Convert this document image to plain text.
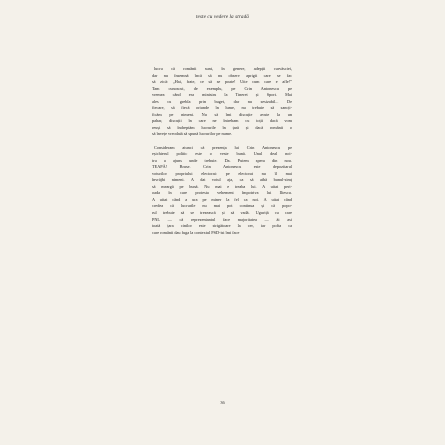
teste cu vedere la stradă
lucru că românii sunt, în genere, adepții curvăsciei,
dar nu însemnă încă să nu observ aprigii care se fac
să zică: „Hai, frate, ce să se poate! Uite cum care e afle!”
Tam cunoscut, de exemplu, pe Crin Antonescu pe
vremea când era ministru la Tineret și Sport. Mai
ales cu grebla prin buget, dar nu sesizabil... De
fiecare, să fiecă oriunde în lume, nu trebuie să sancți-
ficăm pe nimeni. Nu să îmi discuție avute la un
pahar, discuții în care ne întrebam cu toții dacă vom
reuși să îndreptăm lucrurile în țară și dacă românii o
să învețe vreodată să spună lucrurilor pe nume.
Consideram atunci că prezența lui Crin Antonescu pe
eșichierul politic este o veste bună. Unul deal noi-
tru a ajuns unde trebuie. Da. Putem spera din nou.
TEAPĂ! Bruse. Crin Antonescu este depozitarul
voturilor propriului electorat: pe electorat nu îl mai
învrăjbi nimeni. A dat votul aja, ca să aibă bunul-simț
să meargă pe bună. Nu mai e treaba lui. A uitat peri-
oada în care protesta vehement împotriva lui Iliescu.
A uitat când a ura pe miner la fel ca noi. A uitat când
credea că lucrurile nu mai pot continua și că popo-
rul trebuie să se trezească și să vadă. Uguriță cu care
PNL — că reprezentantul face majoritatea — ăi asi
toată țara cinilor este strigătoare la cer, iar pofta ca
care românii dau fuga la contextul PSD-ist îmi face
36
